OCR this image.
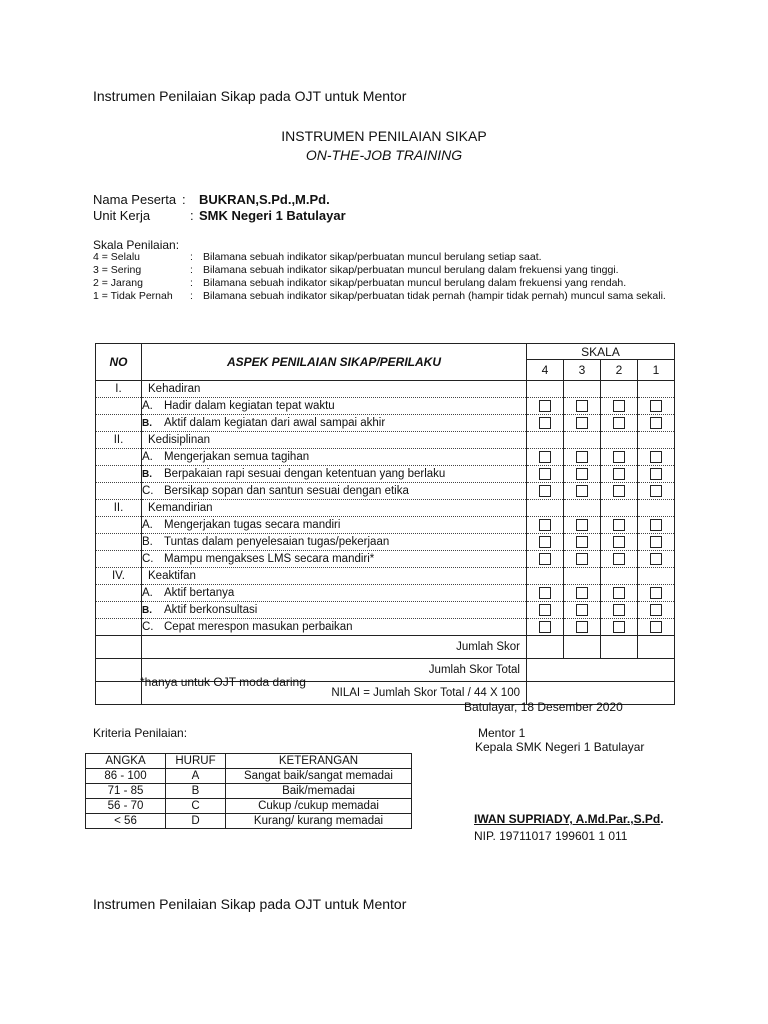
Instrumen Penilaian Sikap pada OJT untuk Mentor
INSTRUMEN PENILAIAN SIKAP
ON-THE-JOB TRAINING
Nama Peserta : BUKRAN,S.Pd.,M.Pd.
Unit Kerja	: SMK Negeri 1 Batulayar
Skala Penilaian:
4 = Selalu	: Bilamana sebuah indikator sikap/perbuatan muncul berulang setiap saat.
3 = Sering	: Bilamana sebuah indikator sikap/perbuatan muncul berulang dalam frekuensi yang tinggi.
2 = Jarang	: Bilamana sebuah indikator sikap/perbuatan muncul berulang dalam frekuensi yang rendah.
1 = Tidak Pernah	: Bilamana sebuah indikator sikap/perbuatan tidak pernah (hampir tidak pernah) muncul sama sekali.
NO	ASPEK PENILAIAN SIKAP/PERILAKU	SKALA			
		4	3	2	1
I.	Kehadiran				
	A. Hadir dalam kegiatan tepat waktu				
	B. Aktif dalam kegiatan dari awal sampai akhir				
II.	Kedisiplinan				
	A. Mengerjakan semua tagihan				
	B. Berpakaian rapi sesuai dengan ketentuan yang berlaku				
	C. Bersikap sopan dan santun sesuai dengan etika				
II.	Kemandirian				
	A. Mengerjakan tugas secara mandiri				
	B. Tuntas dalam penyelesaian tugas/pekerjaan				
	C. Mampu mengakses LMS secara mandiri*				
IV.	Keaktifan				
	A. Aktif bertanya				
	B. Aktif berkonsultasi				
	C. Cepat merespon masukan perbaikan				
	Jumlah Skor				
	Jumlah Skor Total				
	NILAI = Jumlah Skor Total / 44 X 100				
*hanya untuk OJT moda daring
Batulayar, 18 Desember 2020
Kriteria Penilaian:
ANGKA	HURUF	KETERANGAN
86 - 100	A	Sangat baik/sangat memadai
71 - 85	B	Baik/memadai
56 - 70	C	Cukup /cukup memadai
< 56	D	Kurang/ kurang memadai
Mentor 1
Kepala SMK Negeri 1 Batulayar
IWAN SUPRIADY, A.Md.Par.,S.Pd.
NIP. 19711017 199601 1 011
Instrumen Penilaian Sikap pada OJT untuk Mentor
